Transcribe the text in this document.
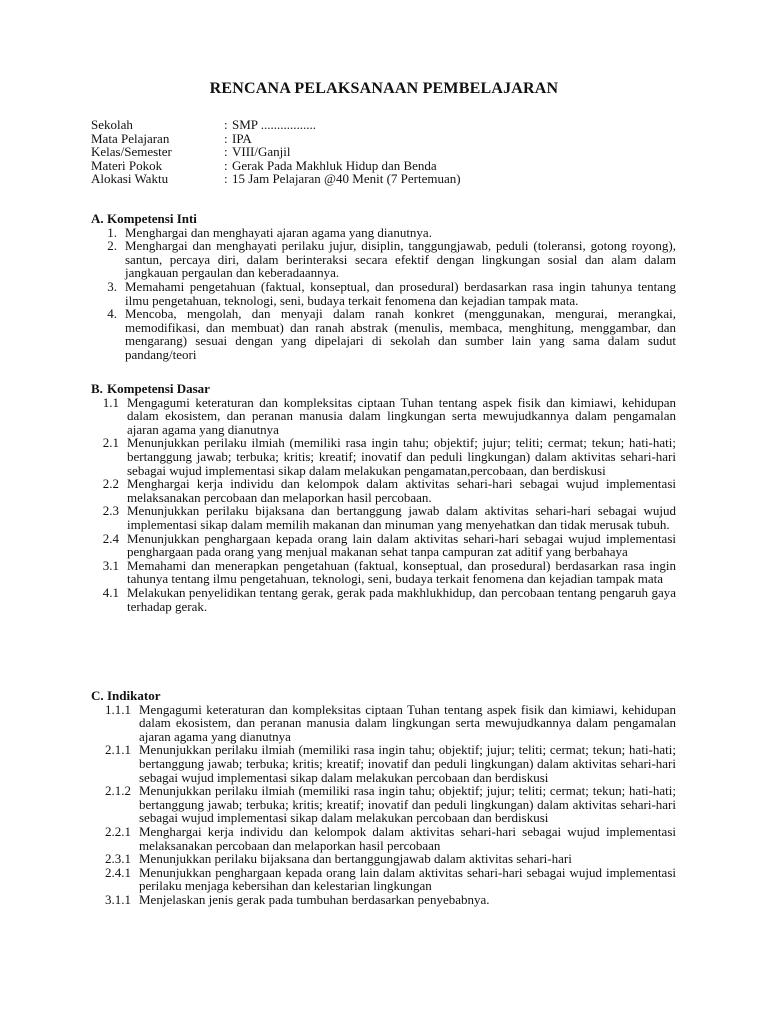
RENCANA PELAKSANAAN PEMBELAJARAN
Sekolah	: SMP .................
Mata Pelajaran	: IPA
Kelas/Semester	: VIII/Ganjil
Materi Pokok	: Gerak Pada Makhluk Hidup dan Benda
Alokasi Waktu	: 15 Jam Pelajaran @40 Menit (7 Pertemuan)
A. Kompetensi Inti
1. Menghargai dan menghayati ajaran agama yang dianutnya.
2. Menghargai dan menghayati perilaku jujur, disiplin, tanggungjawab, peduli (toleransi, gotong royong), santun, percaya diri, dalam berinteraksi secara efektif dengan lingkungan sosial dan alam dalam jangkauan pergaulan dan keberadaannya.
3. Memahami pengetahuan (faktual, konseptual, dan prosedural) berdasarkan rasa ingin tahunya tentang ilmu pengetahuan, teknologi, seni, budaya terkait fenomena dan kejadian tampak mata.
4. Mencoba, mengolah, dan menyaji dalam ranah konkret (menggunakan, mengurai, merangkai, memodifikasi, dan membuat) dan ranah abstrak (menulis, membaca, menghitung, menggambar, dan mengarang) sesuai dengan yang dipelajari di sekolah dan sumber lain yang sama dalam sudut pandang/teori
B. Kompetensi Dasar
1.1 Mengagumi keteraturan dan kompleksitas ciptaan Tuhan tentang aspek fisik dan kimiawi, kehidupan dalam ekosistem, dan peranan manusia dalam lingkungan serta mewujudkannya dalam pengamalan ajaran agama yang dianutnya
2.1 Menunjukkan perilaku ilmiah (memiliki rasa ingin tahu; objektif; jujur; teliti; cermat; tekun; hati-hati; bertanggung jawab; terbuka; kritis; kreatif; inovatif dan peduli lingkungan) dalam aktivitas sehari-hari sebagai wujud implementasi sikap dalam melakukan pengamatan,percobaan, dan berdiskusi
2.2 Menghargai kerja individu dan kelompok dalam aktivitas sehari-hari sebagai wujud implementasi melaksanakan percobaan dan melaporkan hasil percobaan.
2.3 Menunjukkan perilaku bijaksana dan bertanggung jawab dalam aktivitas sehari-hari sebagai wujud implementasi sikap dalam memilih makanan dan minuman yang menyehatkan dan tidak merusak tubuh.
2.4 Menunjukkan penghargaan kepada orang lain dalam aktivitas sehari-hari sebagai wujud implementasi penghargaan pada orang yang menjual makanan sehat tanpa campuran zat aditif yang berbahaya
3.1 Memahami dan menerapkan pengetahuan (faktual, konseptual, dan prosedural) berdasarkan rasa ingin tahunya tentang ilmu pengetahuan, teknologi, seni, budaya terkait fenomena dan kejadian tampak mata
4.1 Melakukan penyelidikan tentang gerak, gerak pada makhlukhidup, dan percobaan tentang pengaruh gaya terhadap gerak.
C. Indikator
1.1.1 Mengagumi keteraturan dan kompleksitas ciptaan Tuhan tentang aspek fisik dan kimiawi, kehidupan dalam ekosistem, dan peranan manusia dalam lingkungan serta mewujudkannya dalam pengamalan ajaran agama yang dianutnya
2.1.1 Menunjukkan perilaku ilmiah (memiliki rasa ingin tahu; objektif; jujur; teliti; cermat; tekun; hati-hati; bertanggung jawab; terbuka; kritis; kreatif; inovatif dan peduli lingkungan) dalam aktivitas sehari-hari sebagai wujud implementasi sikap dalam melakukan percobaan dan berdiskusi
2.1.2 Menunjukkan perilaku ilmiah (memiliki rasa ingin tahu; objektif; jujur; teliti; cermat; tekun; hati-hati; bertanggung jawab; terbuka; kritis; kreatif; inovatif dan peduli lingkungan) dalam aktivitas sehari-hari sebagai wujud implementasi sikap dalam melakukan percobaan dan berdiskusi
2.2.1 Menghargai kerja individu dan kelompok dalam aktivitas sehari-hari sebagai wujud implementasi melaksanakan percobaan dan melaporkan hasil percobaan
2.3.1 Menunjukkan perilaku bijaksana dan bertanggungjawab dalam aktivitas sehari-hari
2.4.1 Menunjukkan penghargaan kepada orang lain dalam aktivitas sehari-hari sebagai wujud implementasi perilaku menjaga kebersihan dan kelestarian lingkungan
3.1.1 Menjelaskan jenis gerak pada tumbuhan berdasarkan penyebabnya.
